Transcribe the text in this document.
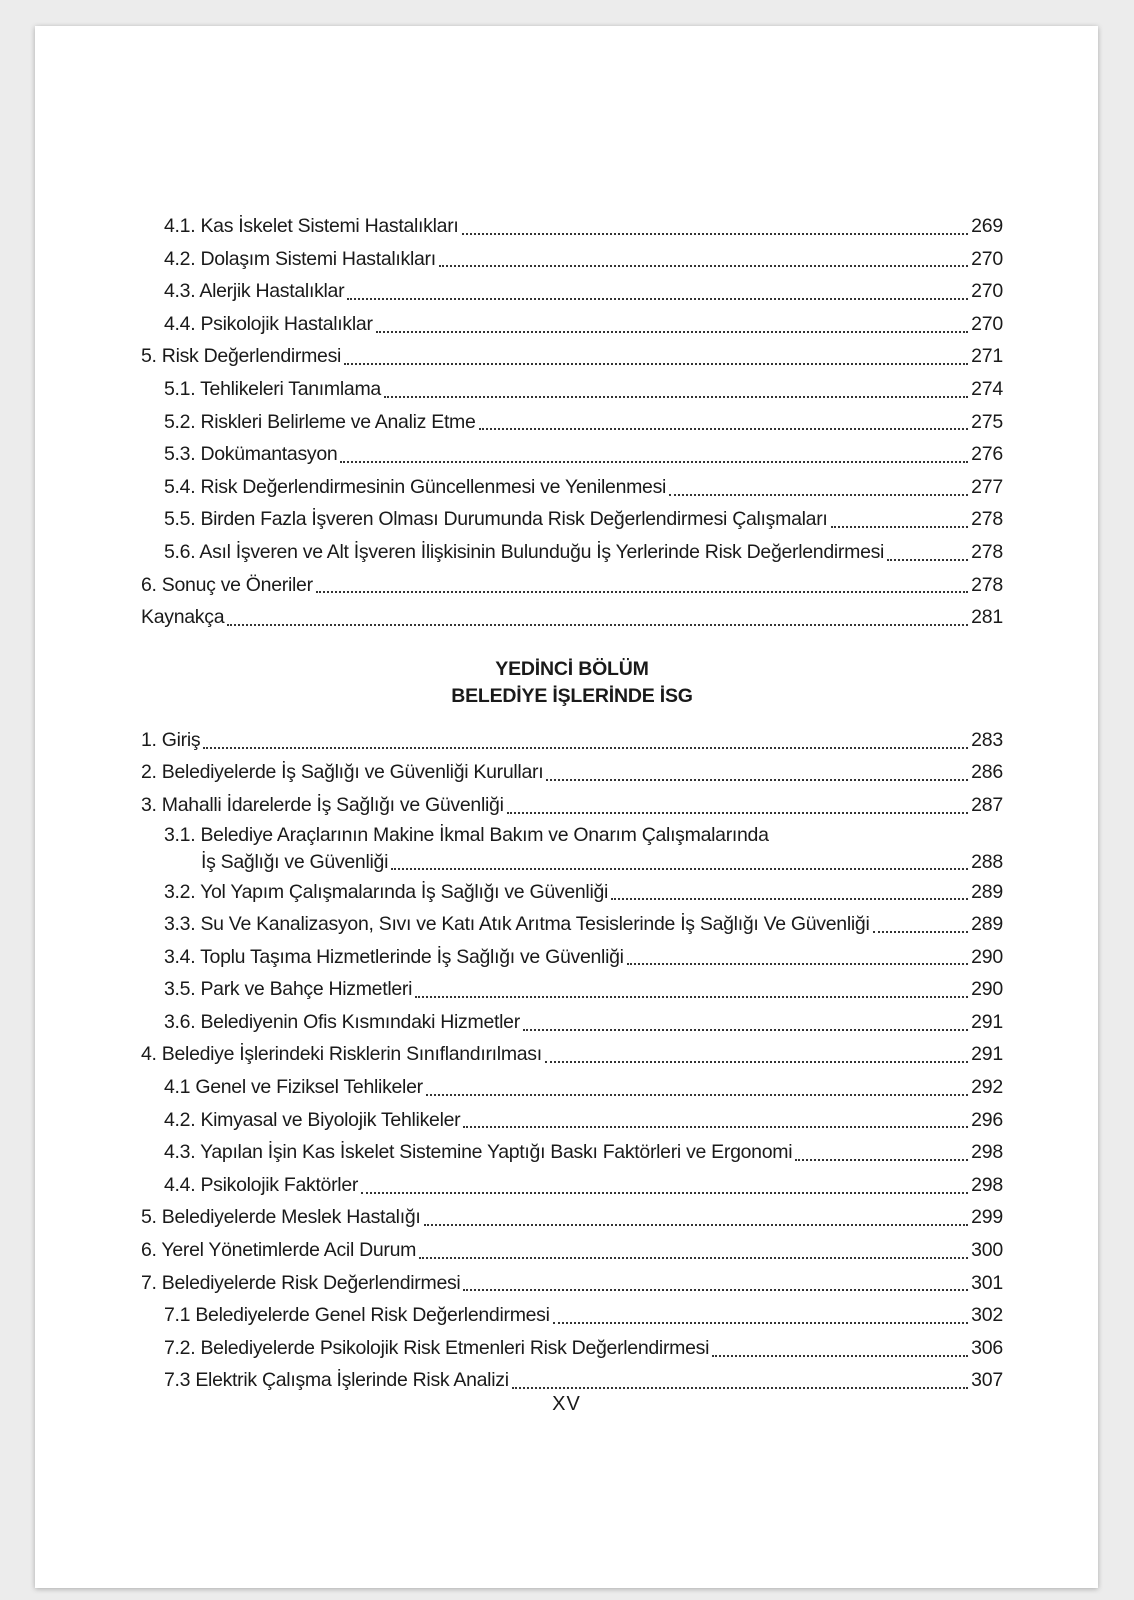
4.1. Kas İskelet Sistemi Hastalıkları	269
4.2. Dolaşım Sistemi Hastalıkları	270
4.3. Alerjik Hastalıklar	270
4.4. Psikolojik Hastalıklar	270
5. Risk Değerlendirmesi	271
5.1. Tehlikeleri Tanımlama	274
5.2. Riskleri Belirleme ve Analiz Etme	275
5.3. Dokümantasyon	276
5.4. Risk Değerlendirmesinin Güncellenmesi ve Yenilenmesi	277
5.5. Birden Fazla İşveren Olması Durumunda Risk Değerlendirmesi Çalışmaları	278
5.6. Asıl İşveren ve Alt İşveren İlişkisinin Bulunduğu İş Yerlerinde Risk Değerlendirmesi	278
6. Sonuç ve Öneriler	278
Kaynakça	281
YEDİNCİ BÖLÜM
BELEDİYE İŞLERİNDE İSG
1. Giriş	283
2. Belediyelerde İş Sağlığı ve Güvenliği Kurulları	286
3. Mahalli İdarelerde İş Sağlığı ve Güvenliği	287
3.1. Belediye Araçlarının Makine İkmal Bakım ve Onarım Çalışmalarında
İş Sağlığı ve Güvenliği	288
3.2. Yol Yapım Çalışmalarında İş Sağlığı ve Güvenliği	289
3.3. Su Ve Kanalizasyon, Sıvı ve Katı Atık Arıtma Tesislerinde İş Sağlığı Ve Güvenliği	289
3.4. Toplu Taşıma Hizmetlerinde İş Sağlığı ve Güvenliği	290
3.5. Park ve Bahçe Hizmetleri	290
3.6. Belediyenin Ofis Kısmındaki Hizmetler	291
4. Belediye İşlerindeki Risklerin Sınıflandırılması	291
4.1 Genel ve Fiziksel Tehlikeler	292
4.2. Kimyasal ve Biyolojik Tehlikeler	296
4.3. Yapılan İşin Kas İskelet Sistemine Yaptığı Baskı Faktörleri ve Ergonomi	298
4.4. Psikolojik Faktörler	298
5. Belediyelerde Meslek Hastalığı	299
6. Yerel Yönetimlerde Acil Durum	300
7. Belediyelerde Risk Değerlendirmesi	301
7.1 Belediyelerde Genel Risk Değerlendirmesi	302
7.2. Belediyelerde Psikolojik Risk Etmenleri Risk Değerlendirmesi	306
7.3 Elektrik Çalışma İşlerinde Risk Analizi	307
XV
